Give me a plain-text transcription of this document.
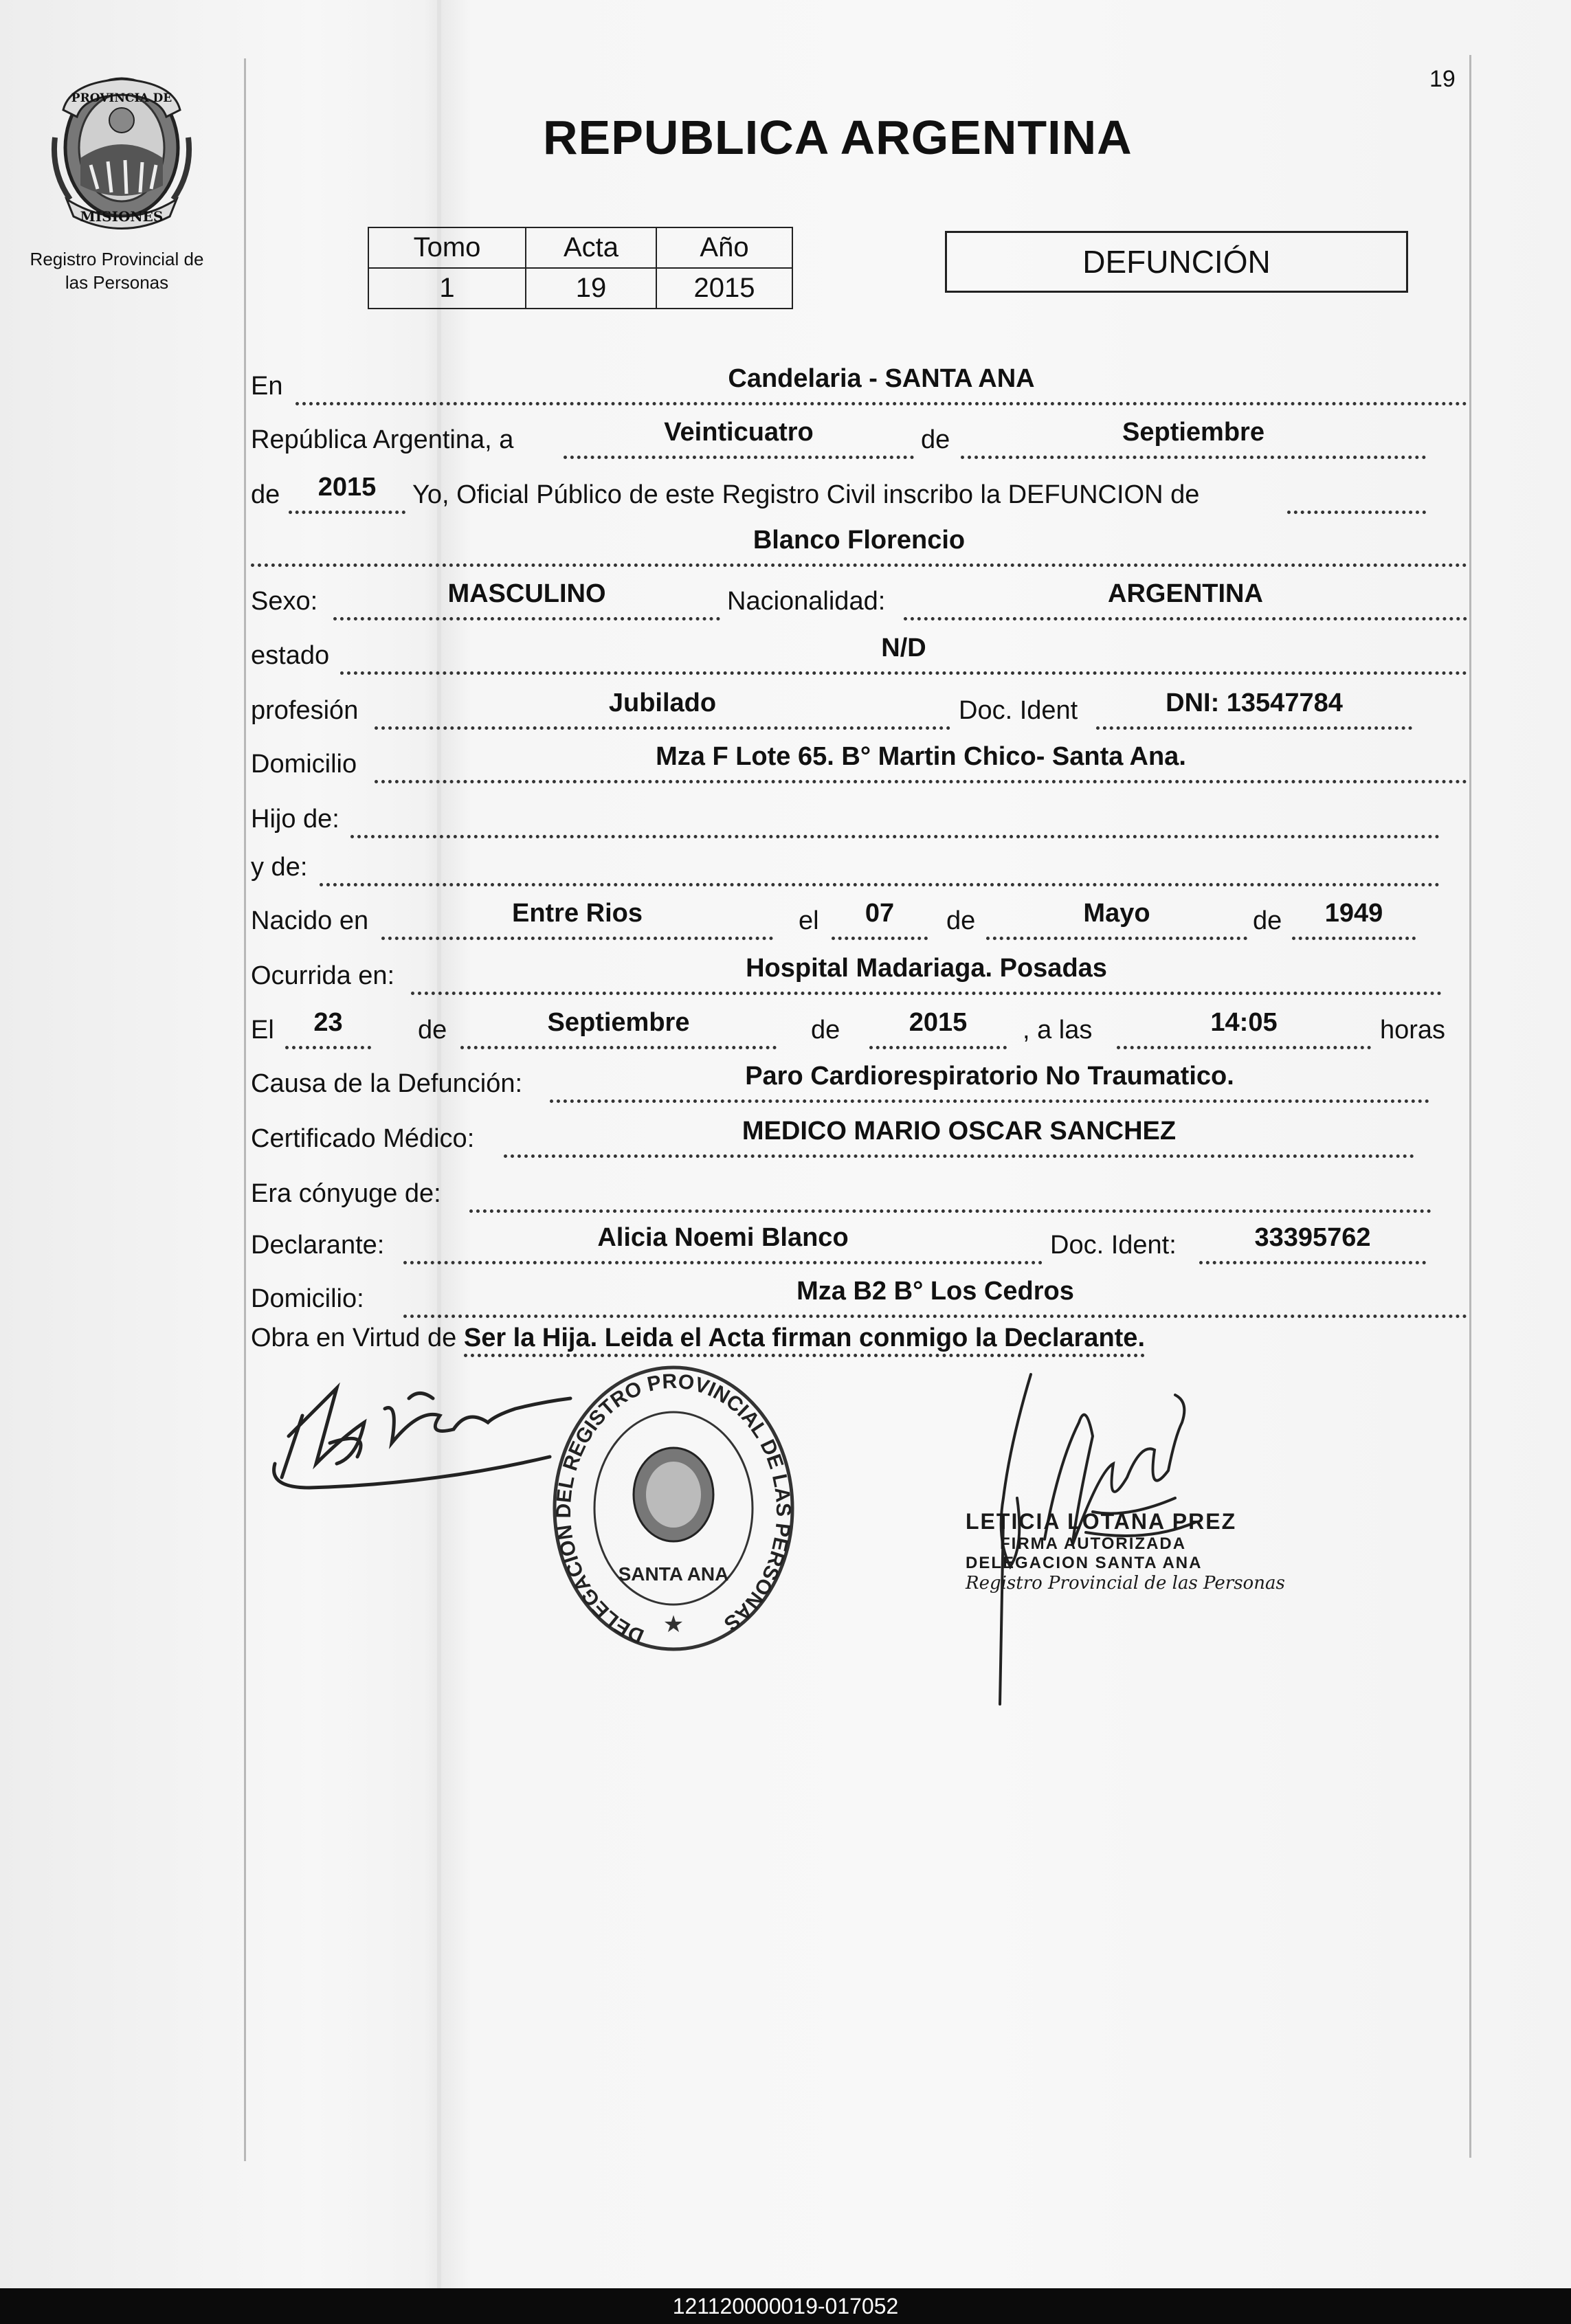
PROVINCIA DE
MISIONES
Registro Provincial de
las Personas
19
REPUBLICA ARGENTINA
Tomo	Acta	Año
1	19	2015
DEFUNCIÓN
En	Candelaria - SANTA ANA
República Argentina, a	Veinticuatro	de	Septiembre
de	2015	Yo, Oficial Público de este Registro Civil inscribo la DEFUNCION de
Blanco Florencio
Sexo:	MASCULINO	Nacionalidad:	ARGENTINA
estado	N/D
profesión	Jubilado	Doc. Ident	DNI: 13547784
Domicilio	Mza F Lote 65. B° Martin Chico- Santa Ana.
Hijo de:
y de:
Nacido en	Entre Rios	el	07	de	Mayo	de	1949
Ocurrida en:	Hospital Madariaga. Posadas
El	23	de	Septiembre	de	2015	, a las	14:05	horas
Causa de la Defunción:	Paro Cardiorespiratorio No Traumatico.
Certificado Médico:	MEDICO MARIO OSCAR SANCHEZ
Era cónyuge de:
Declarante:	Alicia Noemi Blanco	Doc. Ident:	33395762
Domicilio:	Mza B2 B° Los Cedros
Obra en Virtud de Ser la Hija. Leida el Acta firman conmigo la Declarante.
DELEGACION DEL REGISTRO PROVINCIAL DE LAS PERSONAS
SANTA ANA
★
LETICIA LOTANA PREZ
FIRMA AUTORIZADA
DELEGACION SANTA ANA
Registro Provincial de las Personas
121120000019-017052
